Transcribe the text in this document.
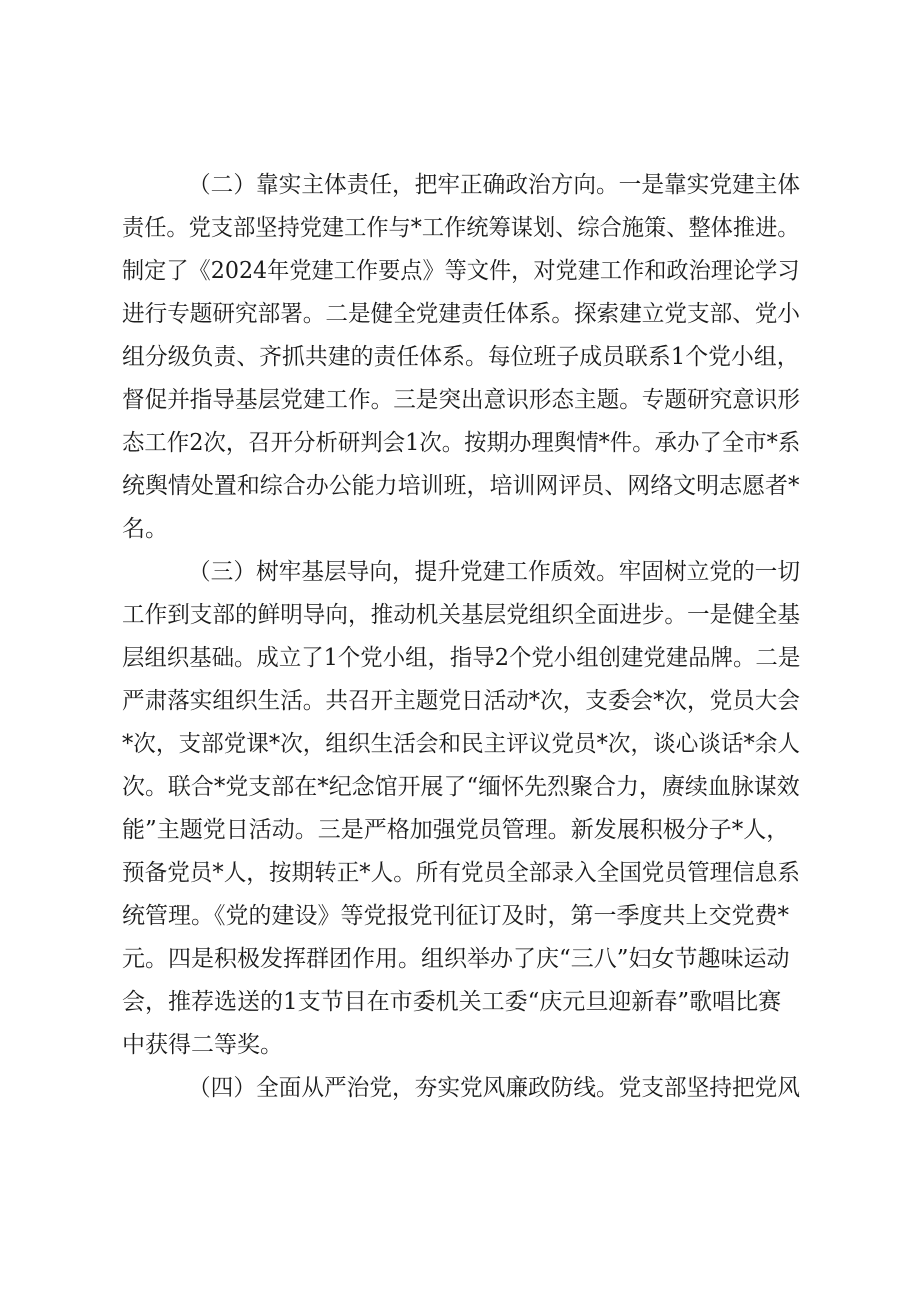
（二）靠实主体责任，把牢正确政治方向。一是靠实党建主体
责任。党支部坚持党建工作与*工作统筹谋划、综合施策、整体推进。
制定了《2024年党建工作要点》等文件，对党建工作和政治理论学习
进行专题研究部署。二是健全党建责任体系。探索建立党支部、党小
组分级负责、齐抓共建的责任体系。每位班子成员联系1个党小组，
督促并指导基层党建工作。三是突出意识形态主题。专题研究意识形
态工作2次，召开分析研判会1次。按期办理舆情*件。承办了全市*系
统舆情处置和综合办公能力培训班，培训网评员、网络文明志愿者*
名。
（三）树牢基层导向，提升党建工作质效。牢固树立党的一切
工作到支部的鲜明导向，推动机关基层党组织全面进步。一是健全基
层组织基础。成立了1个党小组，指导2个党小组创建党建品牌。二是
严肃落实组织生活。共召开主题党日活动*次，支委会*次，党员大会
*次，支部党课*次，组织生活会和民主评议党员*次，谈心谈话*余人
次。联合*党支部在*纪念馆开展了“缅怀先烈聚合力，赓续血脉谋效
能”主题党日活动。三是严格加强党员管理。新发展积极分子*人，
预备党员*人，按期转正*人。所有党员全部录入全国党员管理信息系
统管理。《党的建设》等党报党刊征订及时，第一季度共上交党费*
元。四是积极发挥群团作用。组织举办了庆“三八”妇女节趣味运动
会，推荐选送的1支节目在市委机关工委“庆元旦迎新春”歌唱比赛
中获得二等奖。
（四）全面从严治党，夯实党风廉政防线。党支部坚持把党风
